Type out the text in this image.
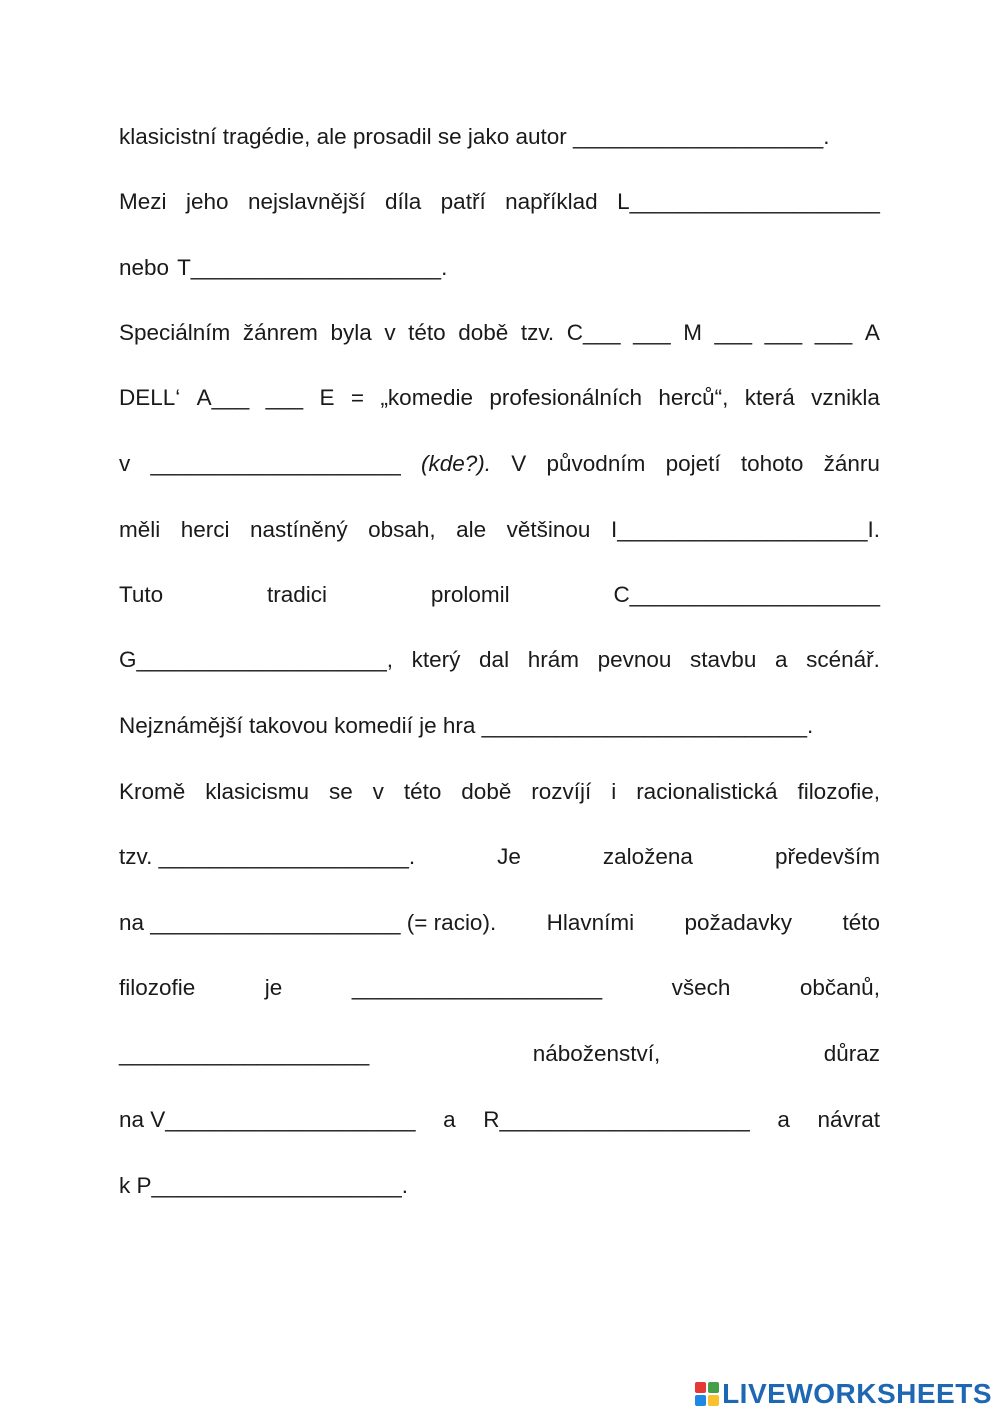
klasicistní tragédie, ale prosadil se jako autor ____________________.
Mezi jeho nejslavnější díla patří například L____________________
nebo T____________________.
Speciálním žánrem byla v této době tzv. C___ ___ M ___ ___ ___ A
DELL‘ A___ ___ E = „komedie profesionálních herců“, která vznikla
v ____________________ (kde?). V původním pojetí tohoto žánru
měli herci nastíněný obsah, ale většinou I____________________I.
Tuto	tradici	prolomil	C____________________
G____________________, který dal hrám pevnou stavbu a scénář.
Nejznámější takovou komedií je hra __________________________.
Kromě klasicismu se v této době rozvíjí i racionalistická filozofie,
tzv. ____________________.	Je	založena	především
na ____________________ (= racio). Hlavními požadavky této
filozofie	je	____________________	všech	občanů,
____________________	náboženství,	důraz
na V____________________ a R____________________ a návrat
k P____________________.
LIVEWORKSHEETS
